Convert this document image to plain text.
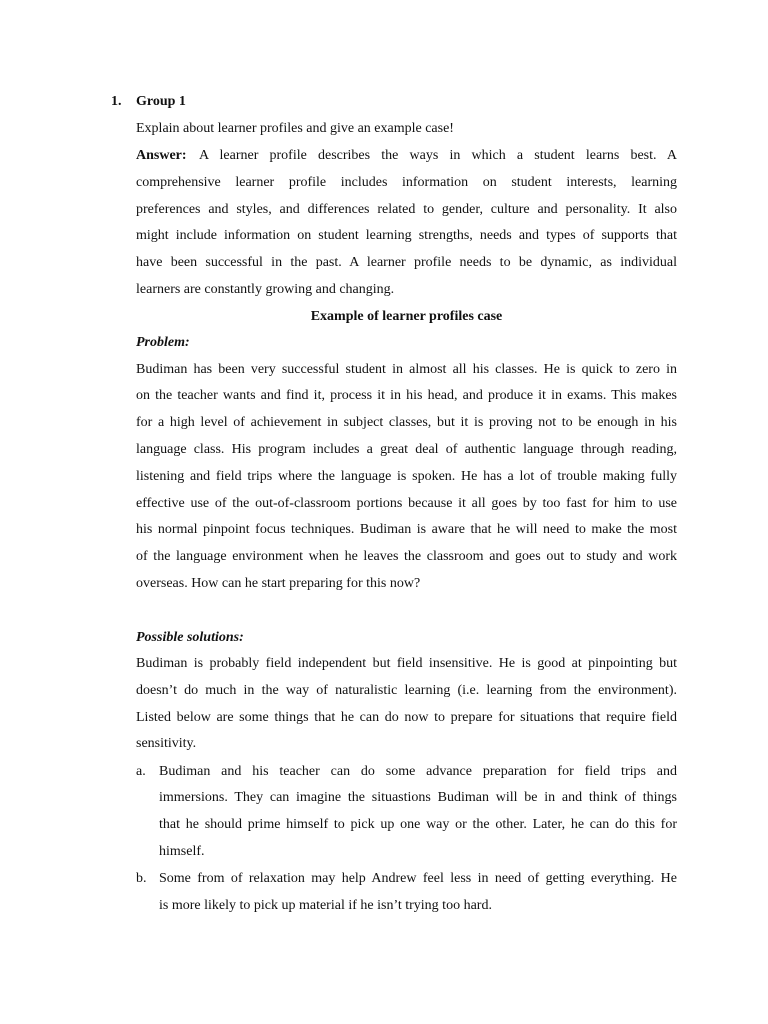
1. Group 1
Explain about learner profiles and give an example case!
Answer: A learner profile describes the ways in which a student learns best. A
comprehensive learner profile includes information on student interests, learning
preferences and styles, and differences related to gender, culture and personality. It also
might include information on student learning strengths, needs and types of supports that
have been successful in the past. A learner profile needs to be dynamic, as individual
learners are constantly growing and changing.
Example of learner profiles case
Problem:
Budiman has been very successful student in almost all his classes. He is quick to zero in
on the teacher wants and find it, process it in his head, and produce it in exams. This makes
for a high level of achievement in subject classes, but it is proving not to be enough in his
language class. His program includes a great deal of authentic language through reading,
listening and field trips where the language is spoken. He has a lot of trouble making fully
effective use of the out-of-classroom portions because it all goes by too fast for him to use
his normal pinpoint focus techniques. Budiman is aware that he will need to make the most
of the language environment when he leaves the classroom and goes out to study and work
overseas. How can he start preparing for this now?
Possible solutions:
Budiman is probably field independent but field insensitive. He is good at pinpointing but
doesn’t do much in the way of naturalistic learning (i.e. learning from the environment).
Listed below are some things that he can do now to prepare for situations that require field
sensitivity.
a. Budiman and his teacher can do some advance preparation for field trips and
immersions. They can imagine the situastions Budiman will be in and think of things
that he should prime himself to pick up one way or the other. Later, he can do this for
himself.
b. Some from of relaxation may help Andrew feel less in need of getting everything. He
is more likely to pick up material if he isn’t trying too hard.
